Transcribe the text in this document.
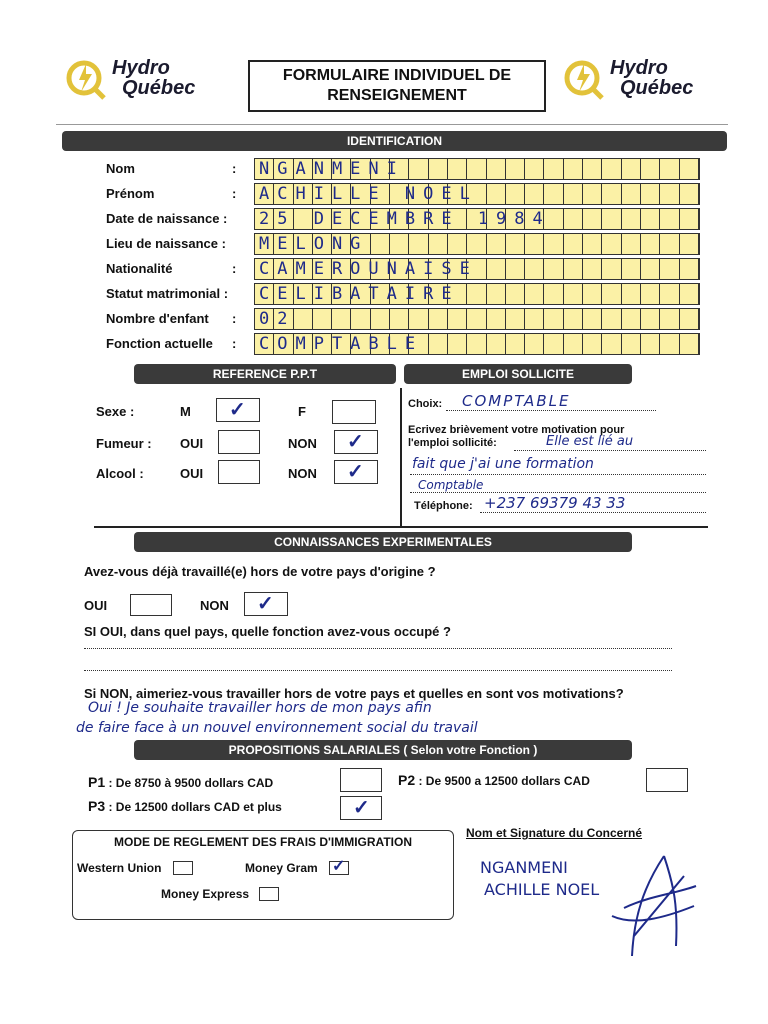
Hydro
Québec
FORMULAIRE INDIVIDUEL DE
RENSEIGNEMENT
Hydro
Québec
IDENTIFICATION
Nom	: NGANMENI
Prénom	: ACHILLE NOEL
Date de naissance : 25 DECEMBRE 1984
Lieu de naissance : MELONG
Nationalité	: CAMEROUNAISE
Statut matrimonial : CELIBATAIRE
Nombre d'enfant : 02
Fonction actuelle : COMPTABLE
REFERENCE P.P.T	EMPLOI SOLLICITE
Sexe :	M ✓	F
Fumeur : OUI	NON ✓
Alcool :	OUI	NON ✓
Choix: COMPTABLE
Ecrivez brièvement votre motivation pour
l'emploi sollicité:	Elle est lié au
fait que j'ai une formation
Comptable
Téléphone: +237 69379 43 33
CONNAISSANCES EXPERIMENTALES
Avez-vous déjà travaillé(e) hors de votre pays d'origine ?
OUI	NON ✓
SI OUI, dans quel pays, quelle fonction avez-vous occupé ?
Si NON, aimeriez-vous travailler hors de votre pays et quelles en sont vos motivations?
Oui ! Je souhaite travailler hors de mon pays afin
de faire face à un nouvel environnement social du travail
PROPOSITIONS SALARIALES ( Selon votre Fonction )
P1 : De 8750 à 9500 dollars CAD	P2 : De 9500 a 12500 dollars CAD
P3 : De 12500 dollars CAD et plus	✓
MODE DE REGLEMENT DES FRAIS D'IMMIGRATION
Western Union	Money Gram ✓
Money Express
Nom et Signature du Concerné
NGANMENI
ACHILLE NOEL
